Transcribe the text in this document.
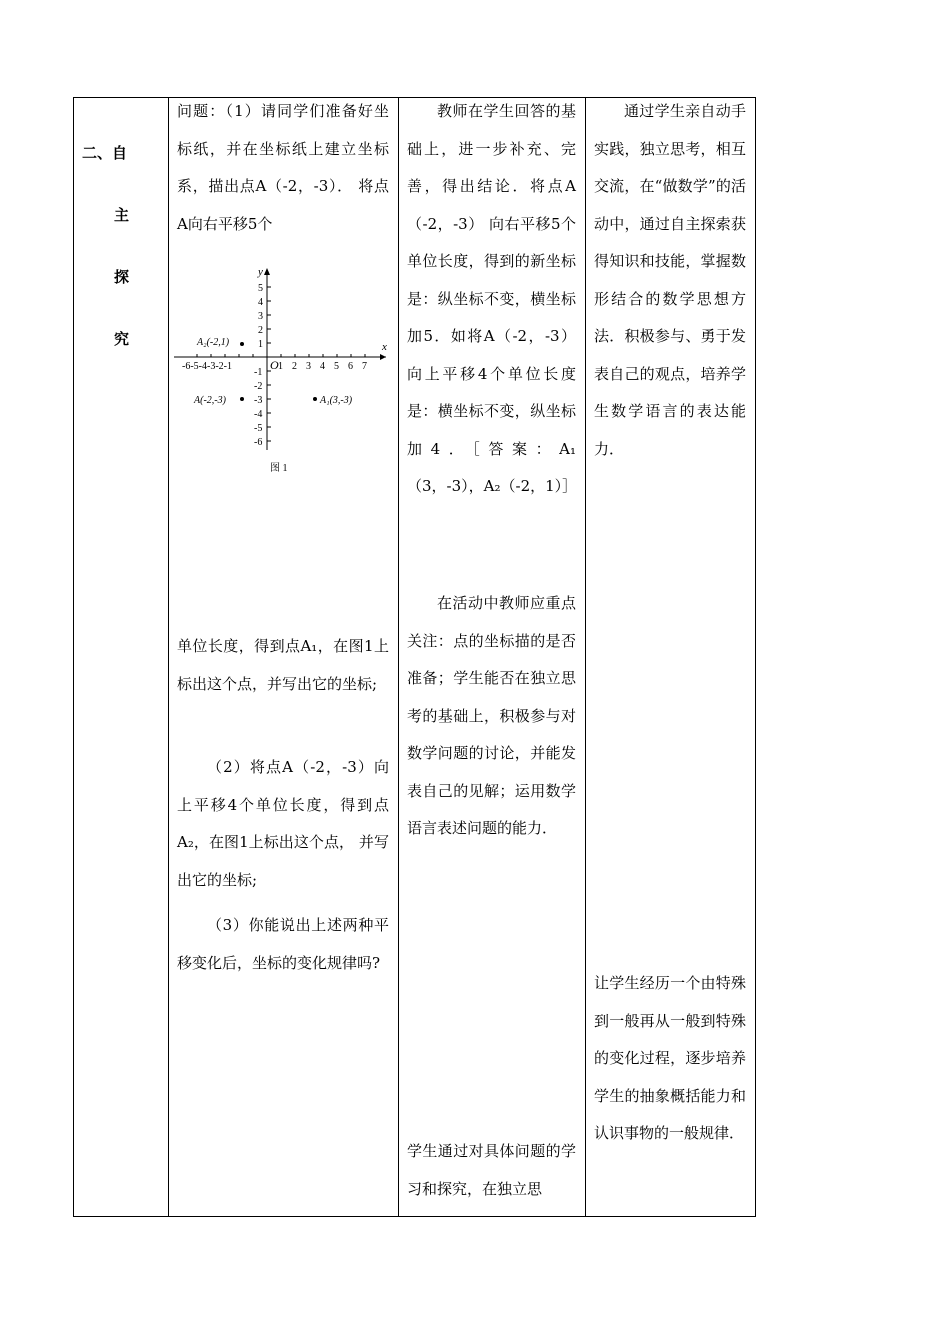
二、自
主
探
究
问题：（1）请同学们准备好坐标纸，并在坐标纸上建立坐标系，描出点A（-2，-3）． 将点A向右平移5个
x
y
-6-5-4-3-2-1	O 1 2 3 4 5 6 7
5
4
3
2
1
-1
-2
-3
-4
-5
-6
A₂(-2,1)
A(-2,-3)	A₁(3,-3)
图 1
单位长度，得到点A₁，在图1上标出这个点，并写出它的坐标;
（2）将点A（-2，-3）向上平移4个单位长度，得到点A₂，在图1上标出这个点， 并写出它的坐标;
（3）你能说出上述两种平移变化后，坐标的变化规律吗?
教师在学生回答的基础上，进一步补充、完善，得出结论．将点A（-2，-3） 向右平移5个单位长度，得到的新坐标是：纵坐标不变，横坐标加5．如将A（-2，-3） 向上平移4个单位长度是：横坐标不变，纵坐标加4．［答案：A₁（3，-3），A₂（-2，1）］
在活动中教师应重点关注：点的坐标描的是否准备；学生能否在独立思考的基础上，积极参与对数学问题的讨论，并能发表自己的见解；运用数学语言表述问题的能力．
学生通过对具体问题的学习和探究，在独立思
通过学生亲自动手实践，独立思考，相互交流，在“做数学”的活动中，通过自主探索获得知识和技能，掌握数形结合的数学思想方法．积极参与、勇于发表自己的观点，培养学生数学语言的表达能力．
让学生经历一个由特殊到一般再从一般到特殊的变化过程，逐步培养学生的抽象概括能力和认识事物的一般规律．
